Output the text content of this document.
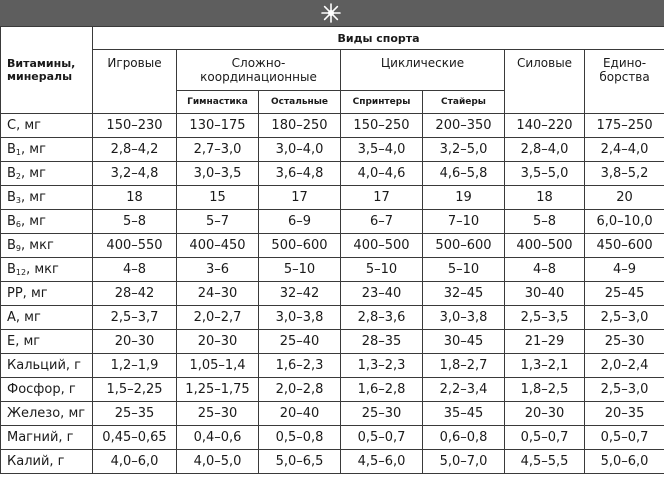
Витамины, минералы	Виды спорта						
	Игровые	Сложно-координационные		Циклические		Силовые	Едино-борства
		Гимнастика	Остальные	Спринтеры	Стайеры		
С, мг	150–230	130–175	180–250	150–250	200–350	140–220	175–250
$В_1$, мг	2,8–4,2	2,7–3,0	3,0–4,0	3,5–4,0	3,2–5,0	2,8–4,0	2,4–4,0
$В_2$, мг	3,2–4,8	3,0–3,5	3,6–4,8	4,0–4,6	4,6–5,8	3,5–5,0	3,8–5,2
$В_3$, мг	18	15	17	17	19	18	20
$В_6$, мг	5–8	5–7	6–9	6–7	7–10	5–8	6,0–10,0
$В_9$, мкг	400–550	400–450	500–600	400–500	500–600	400–500	450–600
$В_{12}$, мкг	4–8	3–6	5–10	5–10	5–10	4–8	4–9
РР, мг	28–42	24–30	32–42	23–40	32–45	30–40	25–45
А, мг	2,5–3,7	2,0–2,7	3,0–3,8	2,8–3,6	3,0–3,8	2,5–3,5	2,5–3,0
Е, мг	20–30	20–30	25–40	28–35	30–45	21–29	25–30
Кальций, г	1,2–1,9	1,05–1,4	1,6–2,3	1,3–2,3	1,8–2,7	1,3–2,1	2,0–2,4
Фосфор, г	1,5–2,25	1,25–1,75	2,0–2,8	1,6–2,8	2,2–3,4	1,8–2,5	2,5–3,0
Железо, мг	25–35	25–30	20–40	25–30	35–45	20–30	20–35
Магний, г	0,45–0,65	0,4–0,6	0,5–0,8	0,5–0,7	0,6–0,8	0,5–0,7	0,5–0,7
Калий, г	4,0–6,0	4,0–5,0	5,0–6,5	4,5–6,0	5,0–7,0	4,5–5,5	5,0–6,0
